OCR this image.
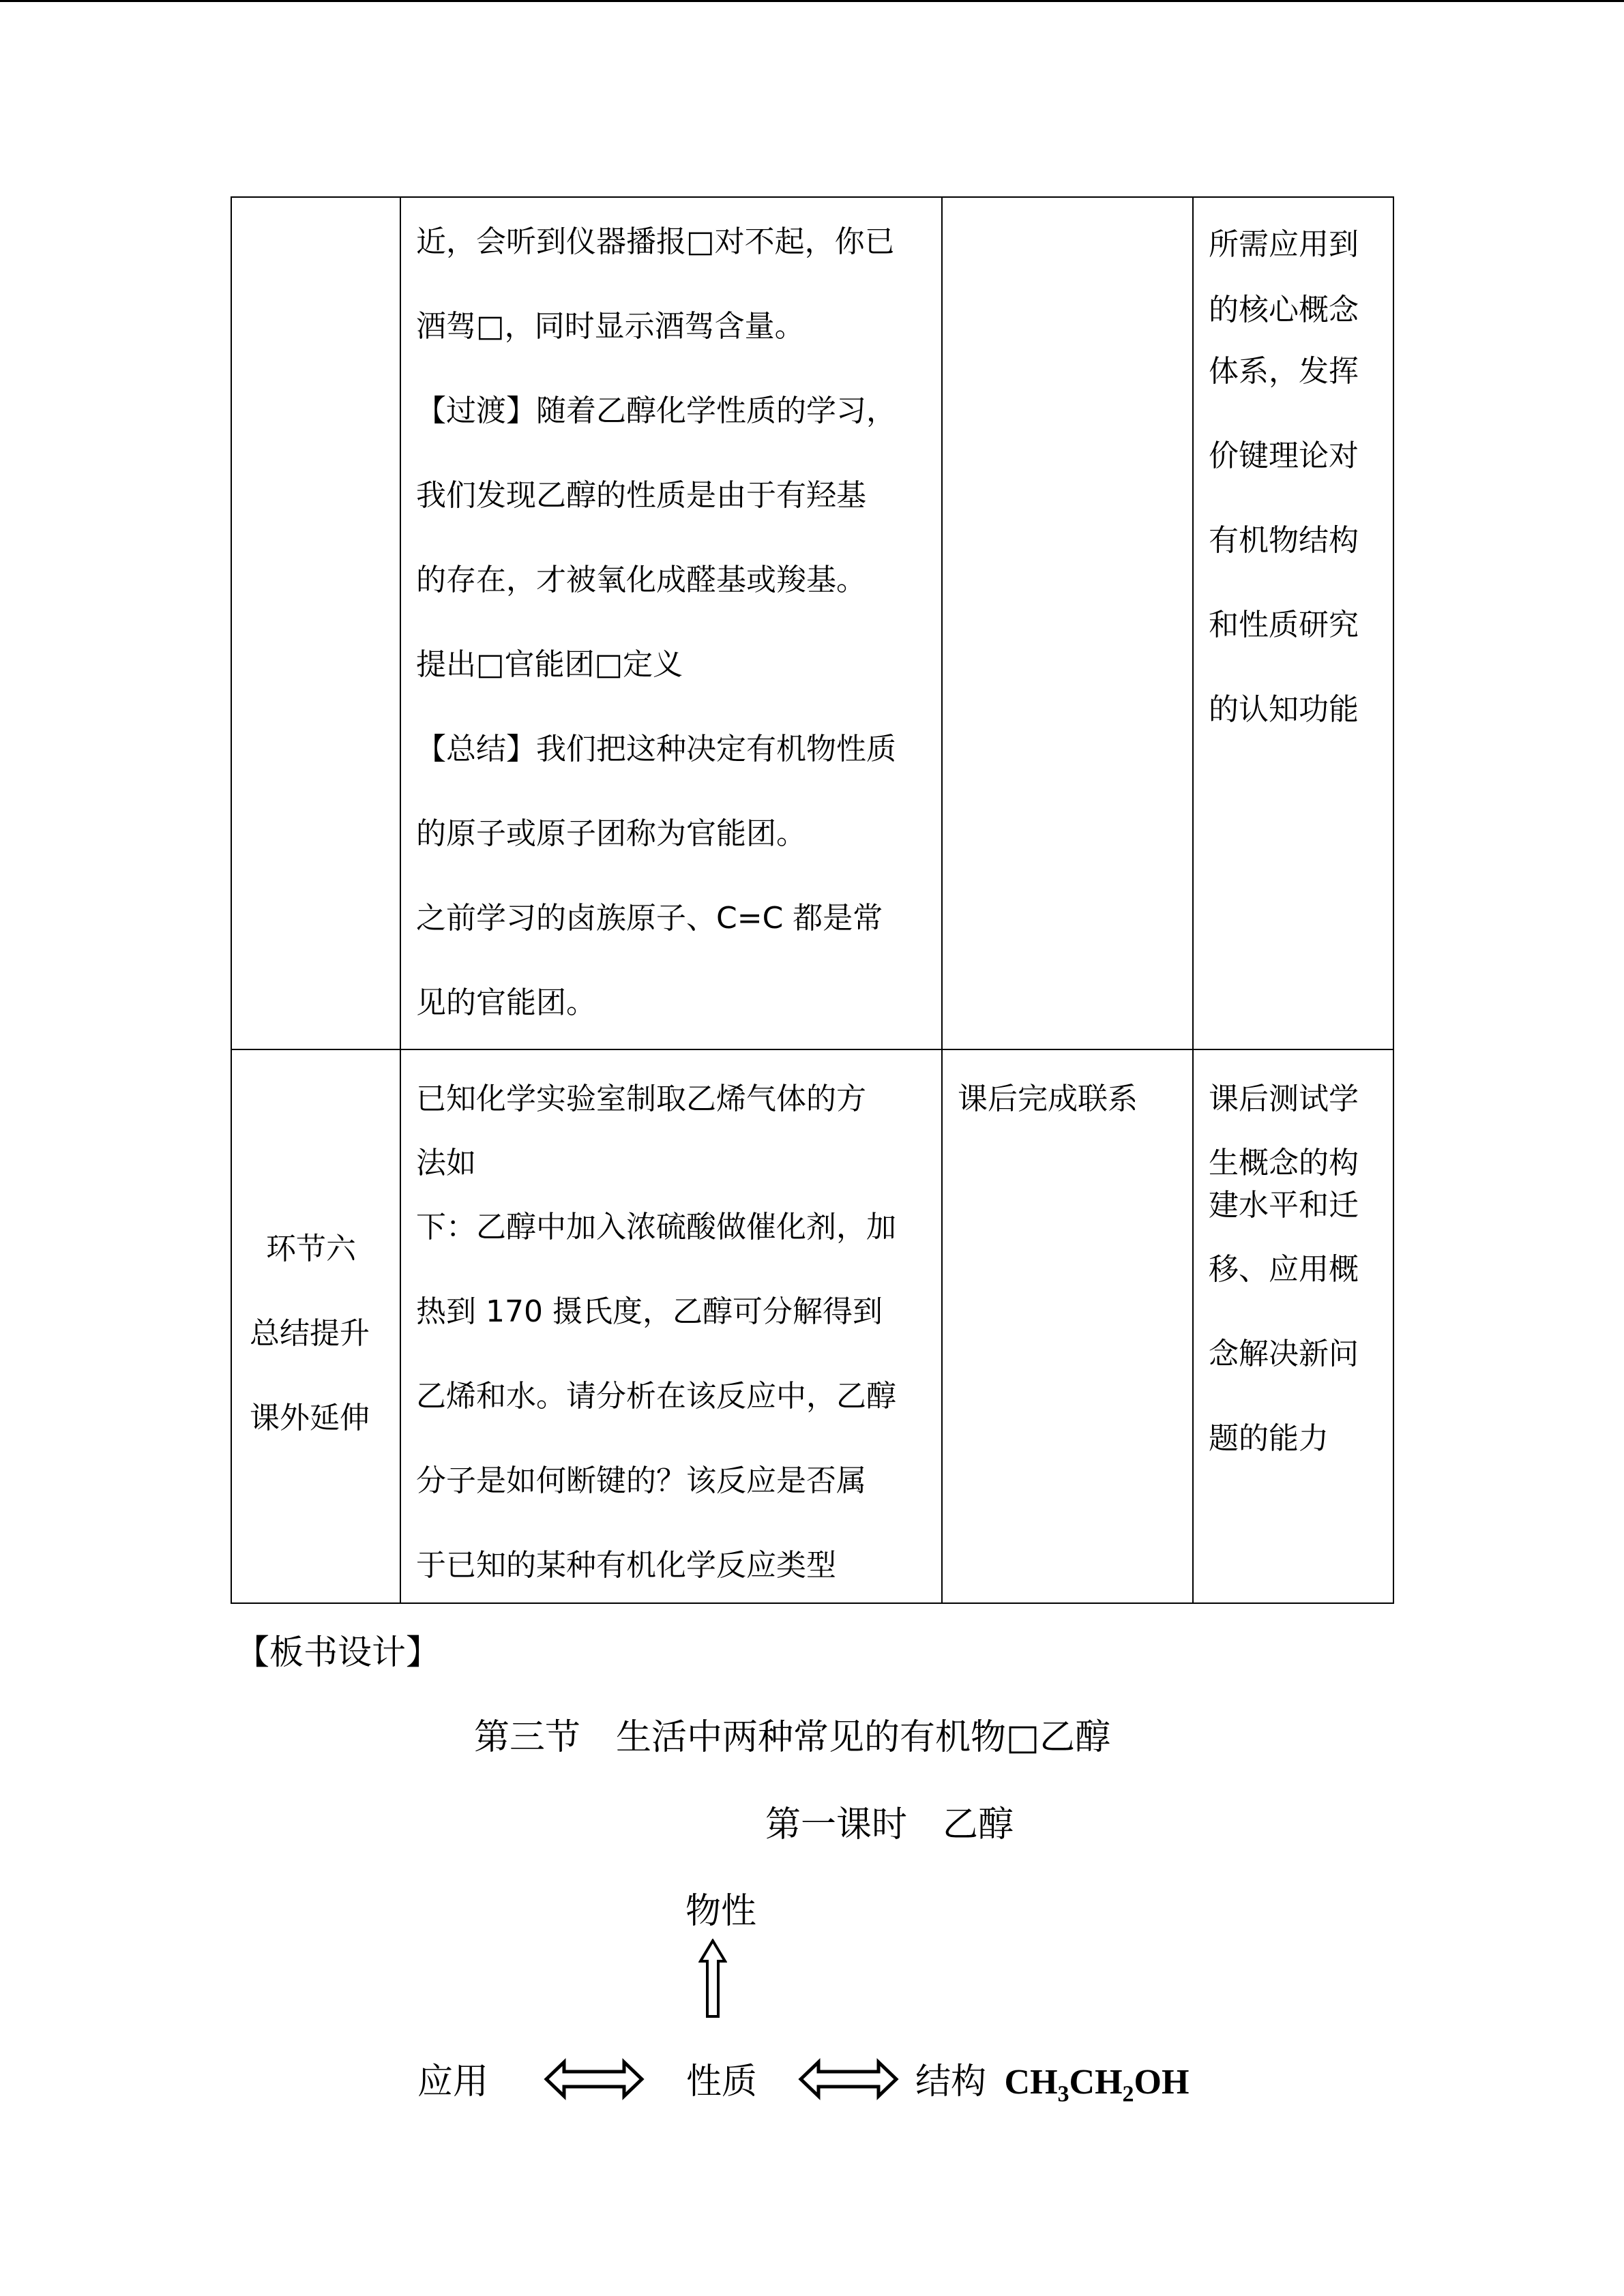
近，会听到仪器播报□对不起，你已
酒驾□，同时显示酒驾含量。
【过渡】随着乙醇化学性质的学习，
我们发现乙醇的性质是由于有羟基
的存在，才被氧化成醛基或羧基。
提出□官能团□定义
【总结】我们把这种决定有机物性质
的原子或原子团称为官能团。
之前学习的卤族原子、C=C 都是常
见的官能团。
所需应用到
的核心概念
体系，发挥
价键理论对
有机物结构
和性质研究
的认知功能
环节六
总结提升
课外延伸
已知化学实验室制取乙烯气体的方
法如
下：乙醇中加入浓硫酸做催化剂，加
热到 170 摄氏度，乙醇可分解得到
乙烯和水。请分析在该反应中，乙醇
分子是如何断键的？该反应是否属
于已知的某种有机化学反应类型
课后完成联系 课后测试学
生概念的构
建水平和迁
移、应用概
念解决新问
题的能力
【板书设计】
第三节　生活中两种常见的有机物□乙醇
第一课时　乙醇
物性
应用	性质	结构 $CH_3CH_2OH$
